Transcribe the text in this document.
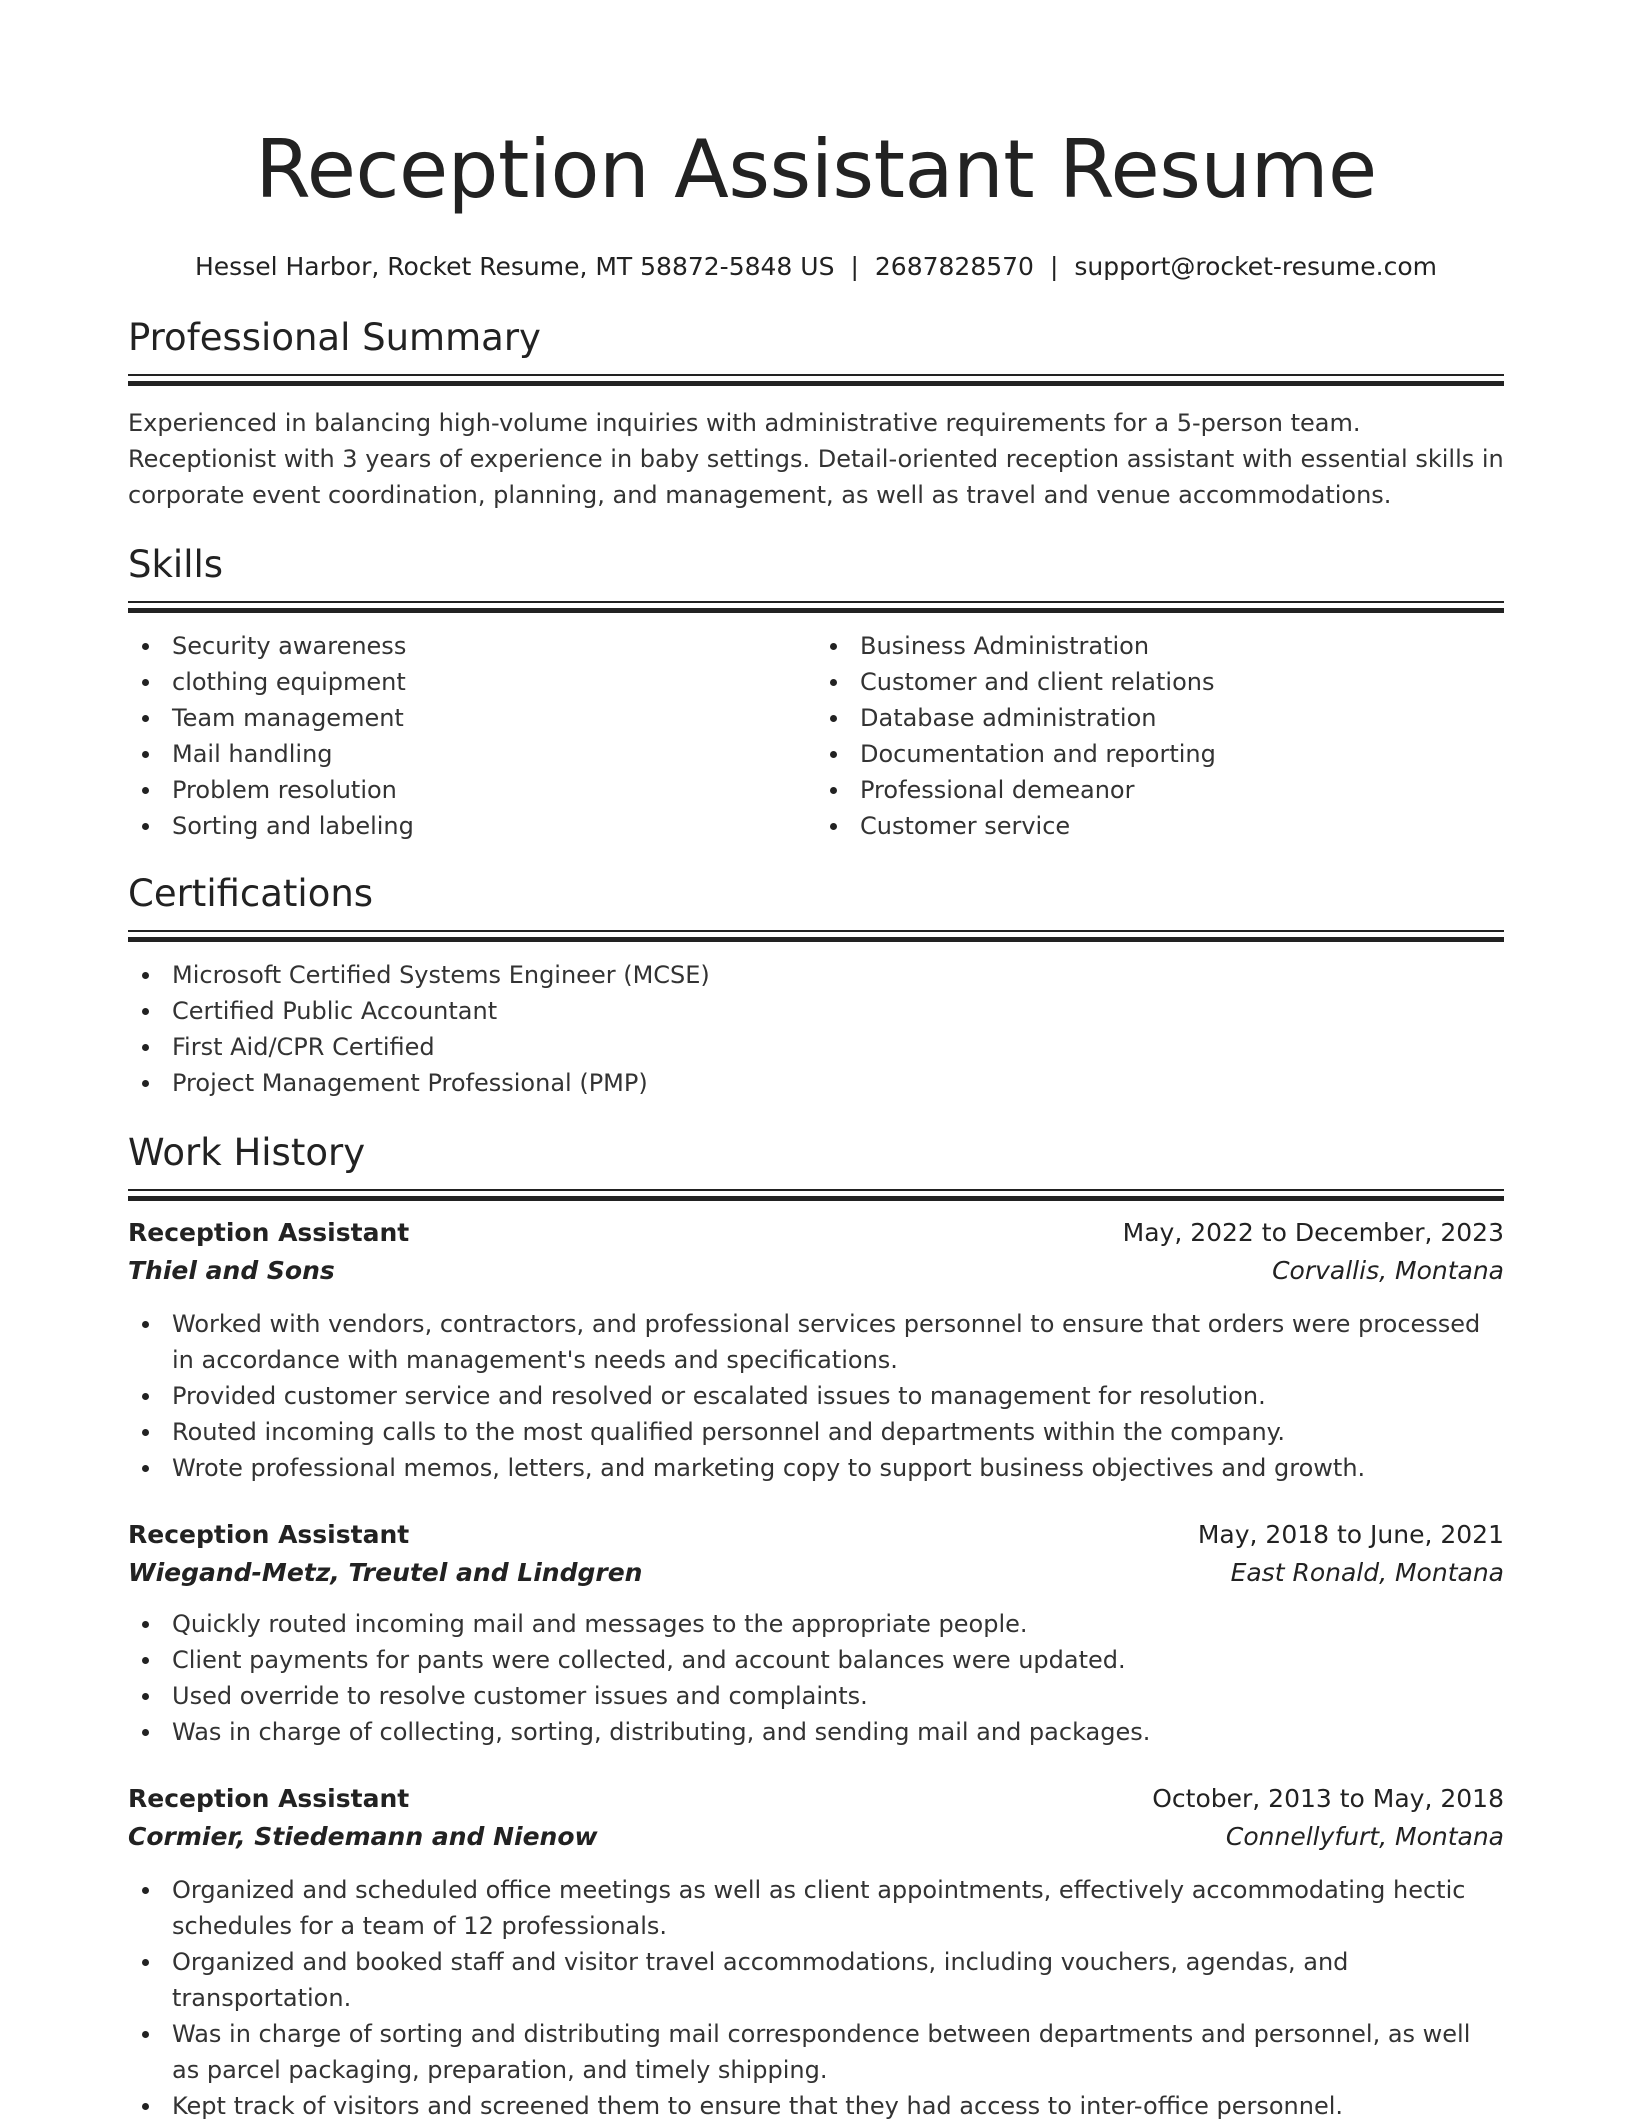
Reception Assistant Resume
Hessel Harbor, Rocket Resume, MT 58872-5848 US | 2687828570 | support@rocket-resume.com
Professional Summary

Experienced in balancing high-volume inquiries with administrative requirements for a 5-person team. Receptionist with 3 years of experience in baby settings. Detail-oriented reception assistant with essential skills in corporate event coordination, planning, and management, as well as travel and venue accommodations.

Skills
Security awareness
clothing equipment
Team management
Mail handling
Problem resolution
Sorting and labeling
Business Administration
Customer and client relations
Database administration
Documentation and reporting
Professional demeanor
Customer service
Certifications
Microsoft Certified Systems Engineer (MCSE)
Certified Public Accountant
First Aid/CPR Certified
Project Management Professional (PMP)
Work History
Reception Assistant	May, 2022 to December, 2023
Thiel and Sons	Corvallis, Montana
Worked with vendors, contractors, and professional services personnel to ensure that orders were processed in accordance with management's needs and specifications.
Provided customer service and resolved or escalated issues to management for resolution.
Routed incoming calls to the most qualified personnel and departments within the company.
Wrote professional memos, letters, and marketing copy to support business objectives and growth.
Reception Assistant	May, 2018 to June, 2021
Wiegand-Metz, Treutel and Lindgren	East Ronald, Montana
Quickly routed incoming mail and messages to the appropriate people.
Client payments for pants were collected, and account balances were updated.
Used override to resolve customer issues and complaints.
Was in charge of collecting, sorting, distributing, and sending mail and packages.
Reception Assistant	October, 2013 to May, 2018
Cormier, Stiedemann and Nienow	Connellyfurt, Montana
Organized and scheduled office meetings as well as client appointments, effectively accommodating hectic schedules for a team of 12 professionals.
Organized and booked staff and visitor travel accommodations, including vouchers, agendas, and transportation.
Was in charge of sorting and distributing mail correspondence between departments and personnel, as well as parcel packaging, preparation, and timely shipping.
Kept track of visitors and screened them to ensure that they had access to inter-office personnel.
